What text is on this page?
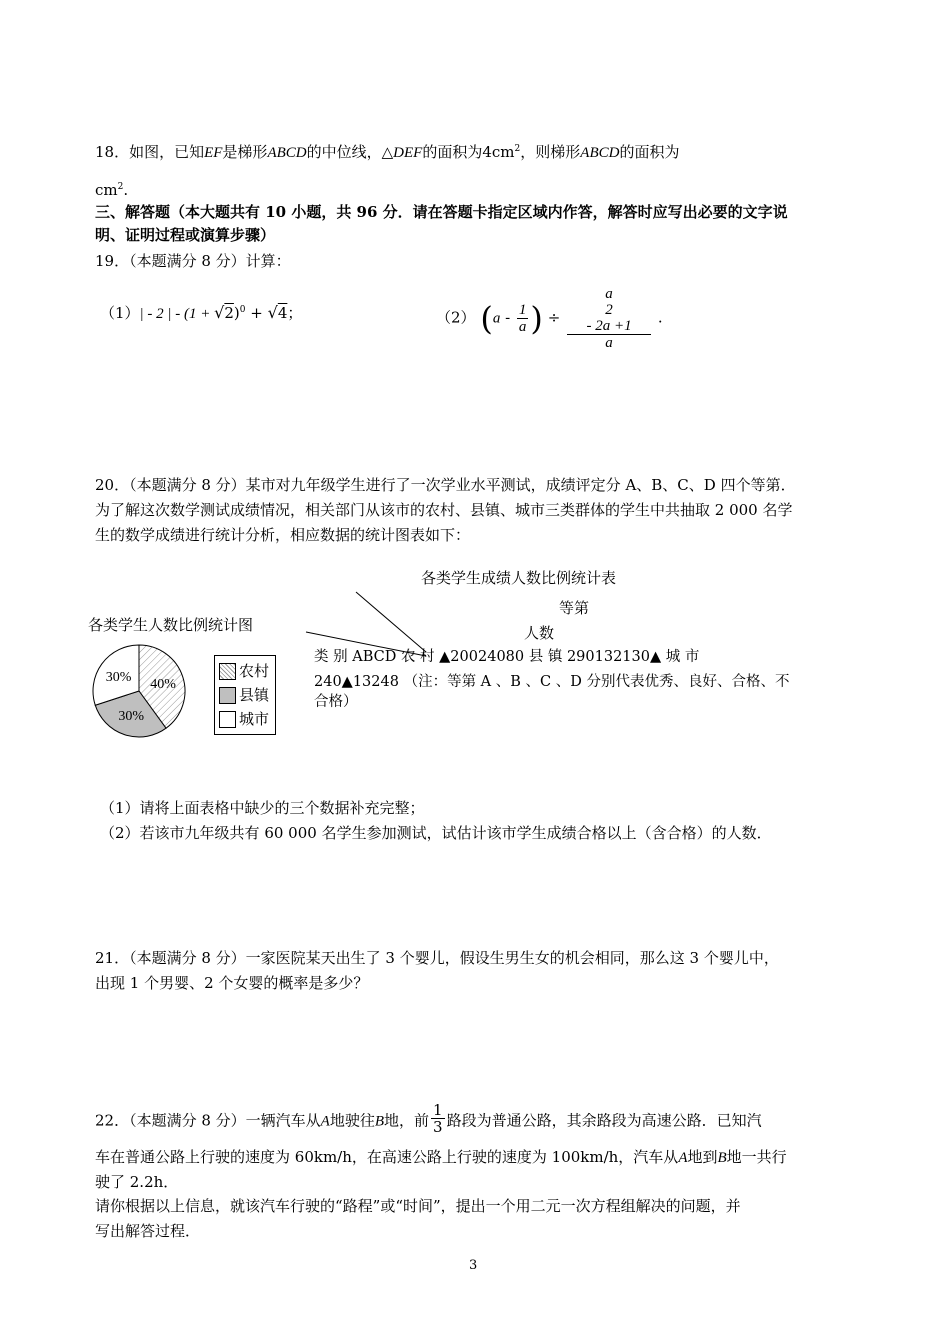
18．如图，已知EF是梯形ABCD的中位线，△DEF的面积为$4cm^2$，则梯形ABCD的面积为
$cm^2$.
三、解答题（本大题共有 10 小题，共 96 分．请在答题卡指定区域内作答，解答时应写出必要的文字说
明、证明过程或演算步骤）
19．（本题满分 8 分）计算：
（1）| - 2 | - $(1 + √2)^0 + √4$；	（2） ($a - \frac{1}{a}$ ) ÷ a
2
- 2a +1
a .
20．（本题满分 8 分）某市对九年级学生进行了一次学业水平测试，成绩评定分 A、B、C、D 四个等第．
为了解这次数学测试成绩情况，相关部门从该市的农村、县镇、城市三类群体的学生中共抽取 2 000 名学
生的数学成绩进行统计分析，相应数据的统计图表如下：
各类学生成绩人数比例统计表
等第
人数
类 别 ABCD 农 村 ▲20024080 县 镇 290132130▲ 城 市
240▲13248 （注：等第 A 、B 、C 、D 分别代表优秀、良好、合格、不
合格）
各类学生人数比例统计图
40%
30%
30%	农村
县镇
城市
（1）请将上面表格中缺少的三个数据补充完整；
（2）若该市九年级共有 60 000 名学生参加测试，试估计该市学生成绩合格以上（含合格）的人数．
21．（本题满分 8 分）一家医院某天出生了 3 个婴儿，假设生男生女的机会相同，那么这 3 个婴儿中，
出现 1 个男婴、2 个女婴的概率是多少？
22．（本题满分 8 分）一辆汽车从A地驶往B地，前 $\frac{1}{3}$ 路段为普通公路，其余路段为高速公路．已知汽
车在普通公路上行驶的速度为 60km/h，在高速公路上行驶的速度为 100km/h，汽车从A地到B地一共行
驶了 2.2h．
请你根据以上信息，就该汽车行驶的“路程”或“时间”，提出一个用二元一次方程组解决的问题，并
写出解答过程．
3
